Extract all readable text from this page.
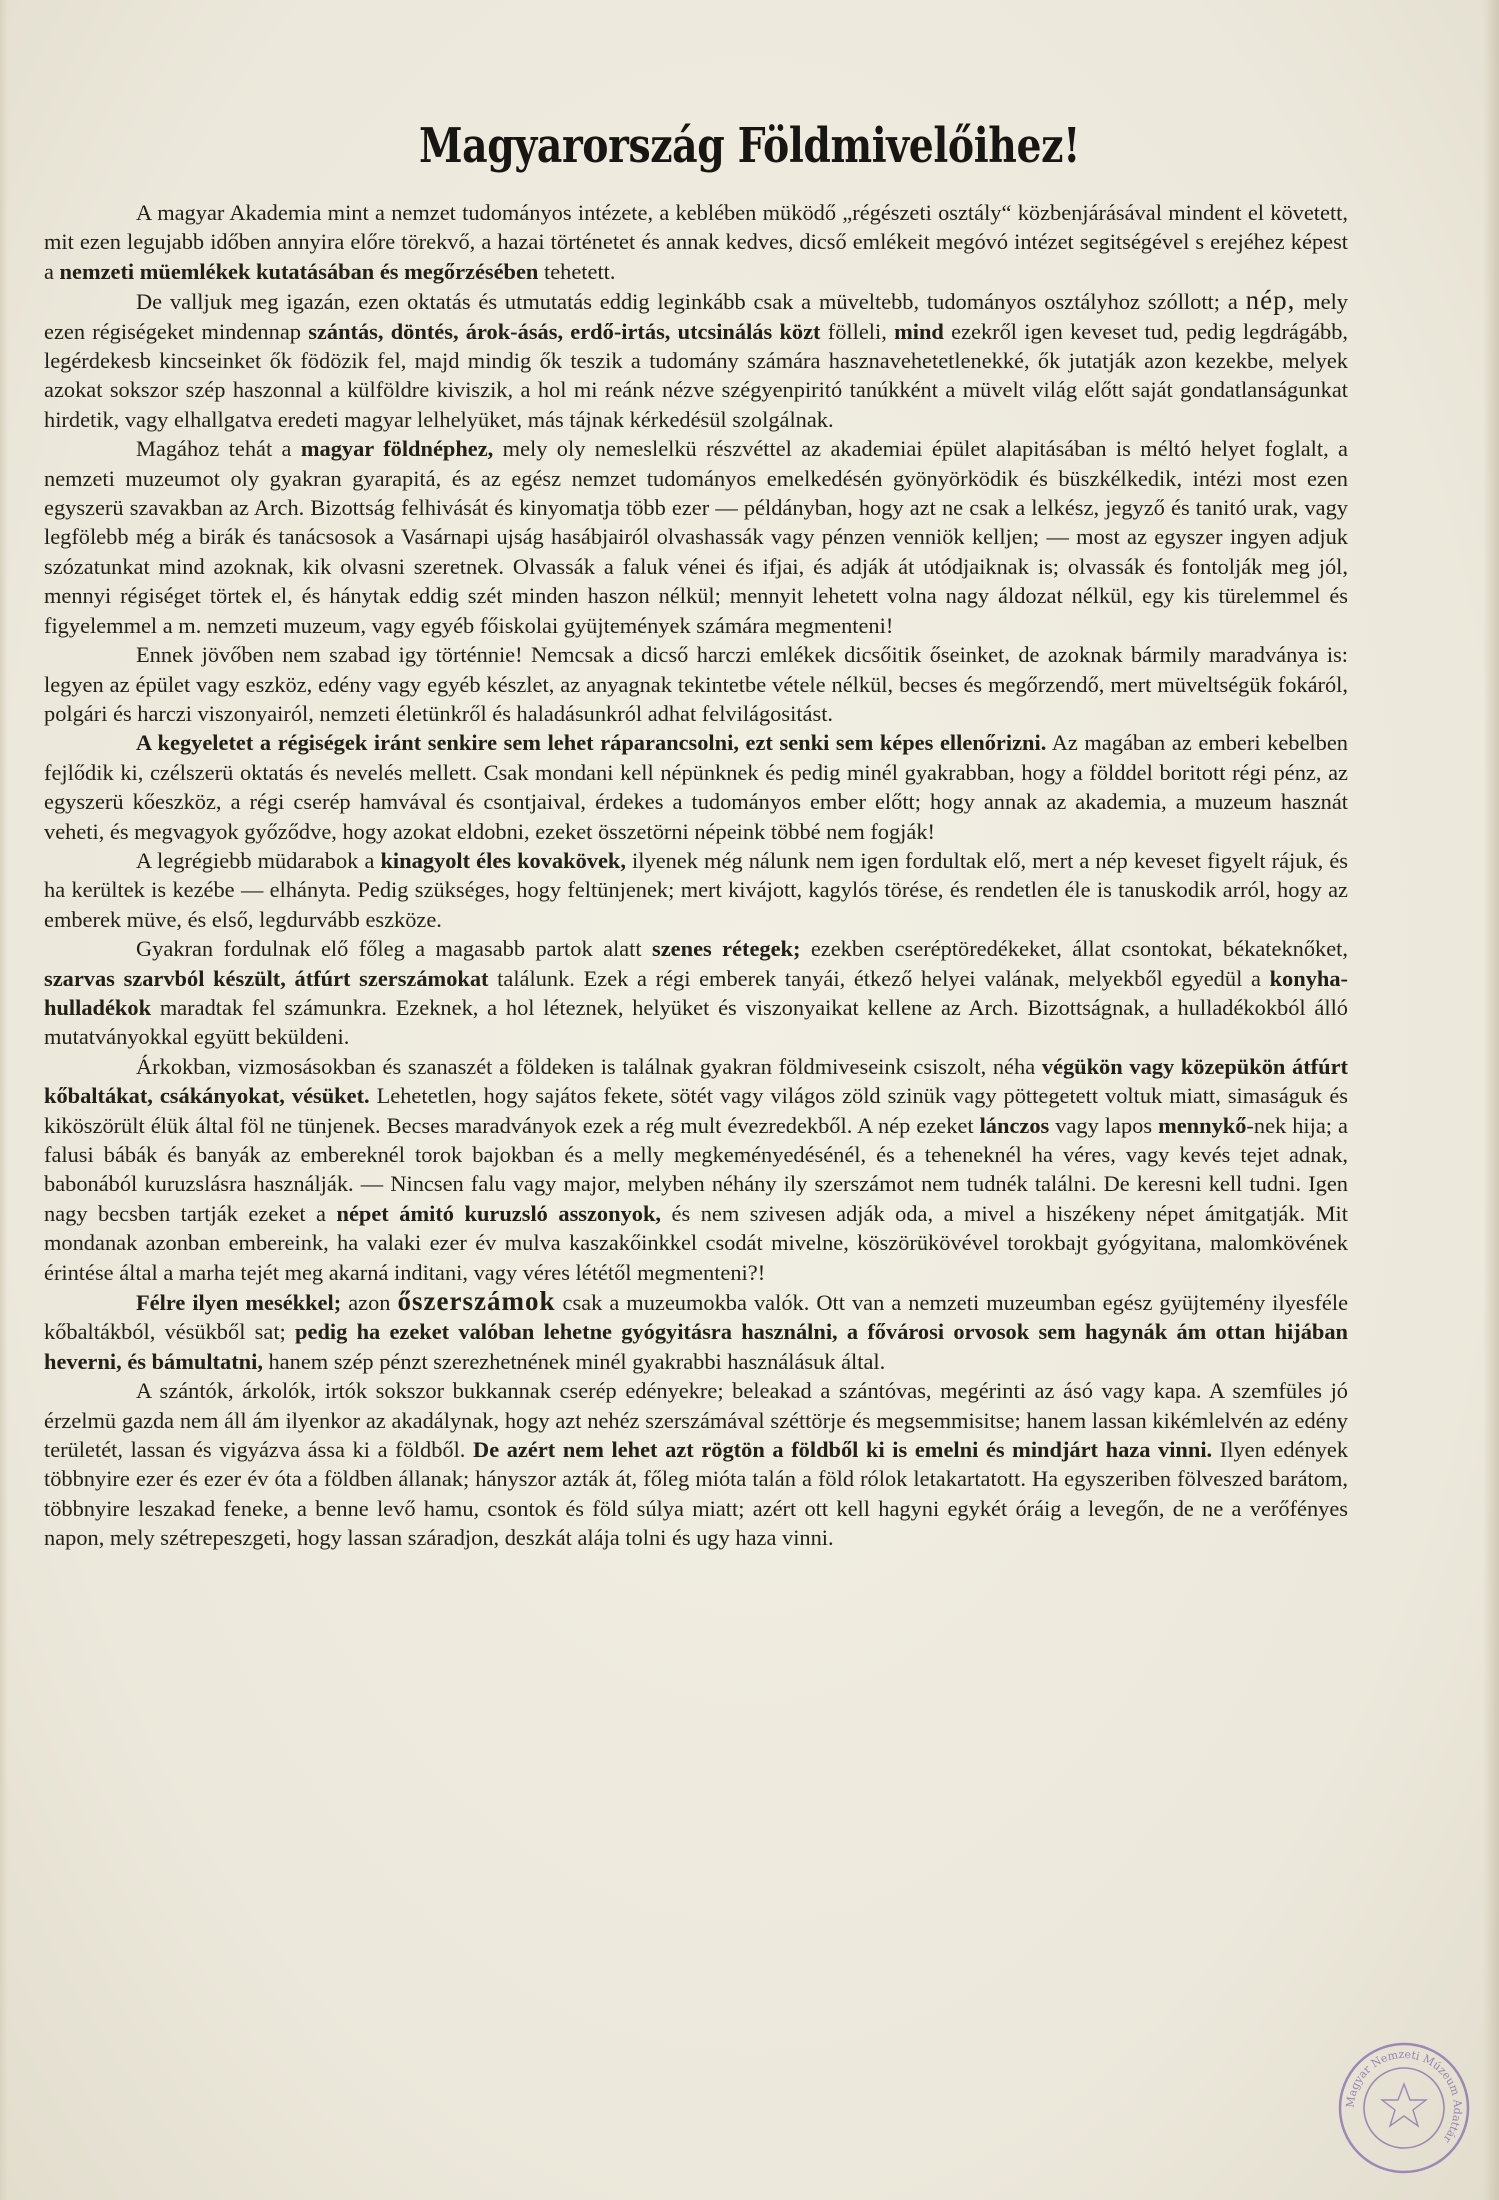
Magyarország Földmivelőihez!

A magyar Akademia mint a nemzet tudományos intézete, a keblében müködő „régészeti osztály“ közbenjárásával mindent el követett, mit ezen legujabb időben annyira előre törekvő, a hazai történetet és annak kedves, dicső emlékeit megóvó intézet segitségével s erejéhez képest a nemzeti müemlékek kutatásában és megőrzésében tehetett.

De valljuk meg igazán, ezen oktatás és utmutatás eddig leginkább csak a müveltebb, tudományos osztályhoz szóllott; a nép, mely ezen régiségeket mindennap szántás, döntés, árok-ásás, erdő-irtás, utcsinálás közt fölleli, mind ezekről igen keveset tud, pedig legdrágább, legérdekesb kincseinket ők födözik fel, majd mindig ők teszik a tudomány számára hasznavehetetlenekké, ők jutatják azon kezekbe, melyek azokat sokszor szép haszonnal a külföldre kiviszik, a hol mi reánk nézve szégyenpiritó tanúkként a müvelt világ előtt saját gondatlanságunkat hirdetik, vagy elhallgatva eredeti magyar lelhelyüket, más tájnak kérkedésül szolgálnak.

Magához tehát a magyar földnéphez, mely oly nemeslelkü részvéttel az akademiai épület alapitásában is méltó helyet foglalt, a nemzeti muzeumot oly gyakran gyarapitá, és az egész nemzet tudományos emelkedésén gyönyörködik és büszkélkedik, intézi most ezen egyszerü szavakban az Arch. Bizottság felhivását és kinyomatja több ezer — példányban, hogy azt ne csak a lelkész, jegyző és tanitó urak, vagy legfölebb még a birák és tanácsosok a Vasárnapi ujság hasábjairól olvashassák vagy pénzen venniök kelljen; — most az egyszer ingyen adjuk szózatunkat mind azoknak, kik olvasni szeretnek. Olvassák a faluk vénei és ifjai, és adják át utódjaiknak is; olvassák és fontolják meg jól, mennyi régiséget törtek el, és hánytak eddig szét minden haszon nélkül; mennyit lehetett volna nagy áldozat nélkül, egy kis türelemmel és figyelemmel a m. nemzeti muzeum, vagy egyéb főiskolai gyüjtemények számára megmenteni!

Ennek jövőben nem szabad igy történnie! Nemcsak a dicső harczi emlékek dicsőitik őseinket, de azoknak bármily maradványa is: legyen az épület vagy eszköz, edény vagy egyéb készlet, az anyagnak tekintetbe vétele nélkül, becses és megőrzendő, mert müveltségük fokáról, polgári és harczi viszonyairól, nemzeti életünkről és haladásunkról adhat felvilágositást.

A kegyeletet a régiségek iránt senkire sem lehet ráparancsolni, ezt senki sem képes ellenőrizni. Az magában az emberi kebelben fejlődik ki, czélszerü oktatás és nevelés mellett. Csak mondani kell népünknek és pedig minél gyakrabban, hogy a földdel boritott régi pénz, az egyszerü kőeszköz, a régi cserép hamvával és csontjaival, érdekes a tudományos ember előtt; hogy annak az akademia, a muzeum hasznát veheti, és megvagyok győződve, hogy azokat eldobni, ezeket összetörni népeink többé nem fogják!

A legrégiebb müdarabok a kinagyolt éles kovakövek, ilyenek még nálunk nem igen fordultak elő, mert a nép keveset figyelt rájuk, és ha kerültek is kezébe — elhányta. Pedig szükséges, hogy feltünjenek; mert kivájott, kagylós törése, és rendetlen éle is tanuskodik arról, hogy az emberek müve, és első, legdurvább eszköze.

Gyakran fordulnak elő főleg a magasabb partok alatt szenes rétegek; ezekben cseréptöredékeket, állat csontokat, békateknőket, szarvas szarvból készült, átfúrt szerszámokat találunk. Ezek a régi emberek tanyái, étkező helyei valának, melyekből egyedül a konyha-hulladékok maradtak fel számunkra. Ezeknek, a hol léteznek, helyüket és viszonyaikat kellene az Arch. Bizottságnak, a hulladékokból álló mutatványokkal együtt beküldeni.

Árkokban, vizmosásokban és szanaszét a földeken is találnak gyakran földmiveseink csiszolt, néha végükön vagy közepükön átfúrt kőbaltákat, csákányokat, vésüket. Lehetetlen, hogy sajátos fekete, sötét vagy világos zöld szinük vagy pöttegetett voltuk miatt, simaságuk és kiköszörült élük által föl ne tünjenek. Becses maradványok ezek a rég mult évezredekből. A nép ezeket lánczos vagy lapos mennykő-nek hija; a falusi bábák és banyák az embereknél torok bajokban és a melly megkeményedésénél, és a teheneknél ha véres, vagy kevés tejet adnak, babonából kuruzslásra használják. — Nincsen falu vagy major, melyben néhány ily szerszámot nem tudnék találni. De keresni kell tudni. Igen nagy becsben tartják ezeket a népet ámitó kuruzsló asszonyok, és nem szivesen adják oda, a mivel a hiszékeny népet ámitgatják. Mit mondanak azonban embereink, ha valaki ezer év mulva kaszakőinkkel csodát mivelne, köszörükövével torokbajt gyógyitana, malomkövének érintése által a marha tejét meg akarná inditani, vagy véres lététől megmenteni?!

Félre ilyen mesékkel; azon őszerszámok csak a muzeumokba valók. Ott van a nemzeti muzeumban egész gyüjtemény ilyesféle kőbaltákból, vésükből sat; pedig ha ezeket valóban lehetne gyógyitásra használni, a fővárosi orvosok sem hagynák ám ottan hijában heverni, és bámultatni, hanem szép pénzt szerezhetnének minél gyakrabbi használásuk által.

A szántók, árkolók, irtók sokszor bukkannak cserép edényekre; beleakad a szántóvas, megérinti az ásó vagy kapa. A szemfüles jó érzelmü gazda nem áll ám ilyenkor az akadálynak, hogy azt nehéz szerszámával széttörje és megsemmisitse; hanem lassan kikémlelvén az edény területét, lassan és vigyázva ássa ki a földből. De azért nem lehet azt rögtön a földből ki is emelni és mindjárt haza vinni. Ilyen edények többnyire ezer és ezer év óta a földben állanak; hányszor azták át, főleg mióta talán a föld rólok letakartatott. Ha egyszeriben fölveszed barátom, többnyire leszakad feneke, a benne levő hamu, csontok és föld súlya miatt; azért ott kell hagyni egykét óráig a levegőn, de ne a verőfényes napon, mely szétrepeszgeti, hogy lassan száradjon, deszkát alája tolni és ugy haza vinni.

Magyar Nemzeti Múzeum Adattár
